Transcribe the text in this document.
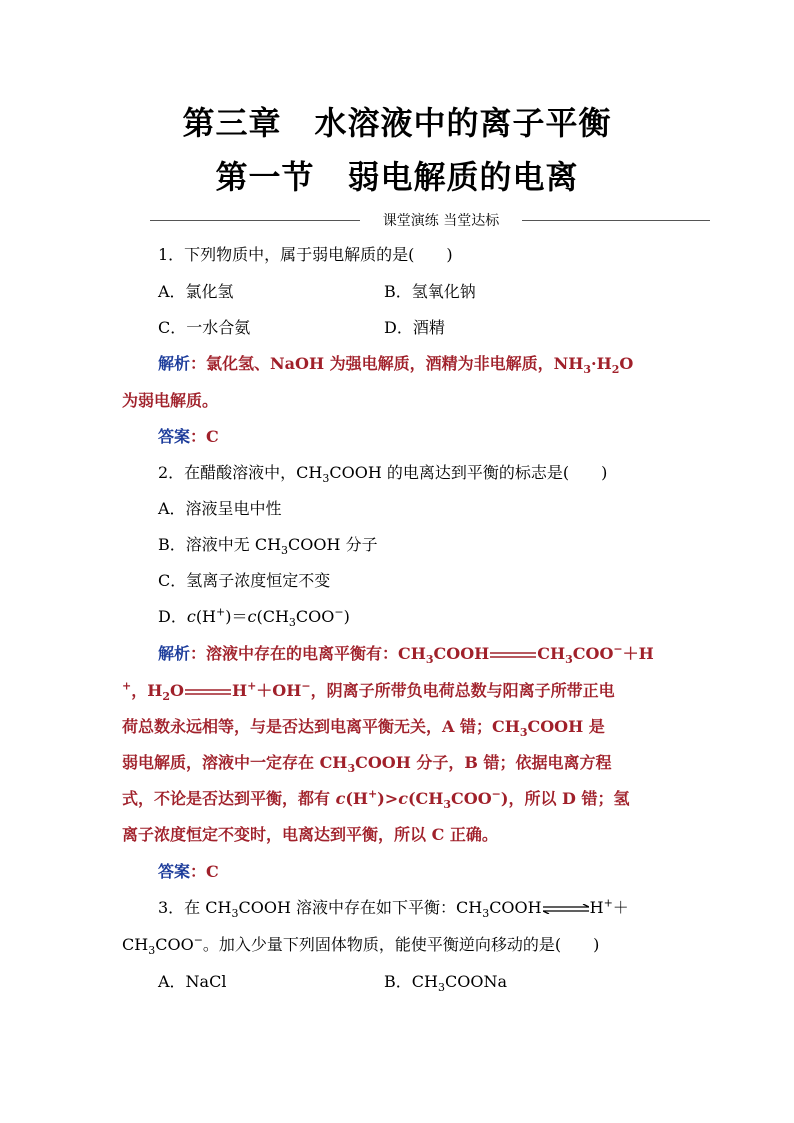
第三章　水溶液中的离子平衡
第一节　弱电解质的电离
课堂演练 当堂达标
1．下列物质中，属于弱电解质的是(　　)
A．氯化氢	B．氢氧化钠
C．一水合氨	D．酒精
解析：氯化氢、NaOH 为强电解质，酒精为非电解质，$NH_3\cdot H_2O$
为弱电解质。
答案：C
2．在醋酸溶液中，$CH_3COOH$ 的电离达到平衡的标志是(　　)
A．溶液呈电中性
B．溶液中无 $CH_3COOH$ 分子
C．氢离子浓度恒定不变
D．$c(H^+)=c(CH_3COO^-)$
解析：溶液中存在的电离平衡有：$CH_3COOH$	$CH_3COO^-+H$
+，$H_2O$	H+＋OH−，阴离子所带负电荷总数与阳离子所带正电
荷总数永远相等，与是否达到电离平衡无关，A 错；$CH_3COOH$ 是
弱电解质，溶液中一定存在 $CH_3COOH$ 分子，B 错；依据电离方程
式，不论是否达到平衡，都有 $c(H^+)>c(CH_3COO^-)$，所以 D 错；氢
离子浓度恒定不变时，电离达到平衡，所以 C 正确。
答案：C
3．在 $CH_3COOH$ 溶液中存在如下平衡：$CH_3COOH\rightleftharpoons H^++$
$CH_3COO^-$。加入少量下列固体物质，能使平衡逆向移动的是(　　)
A．NaCl	B．$CH_3COONa$
